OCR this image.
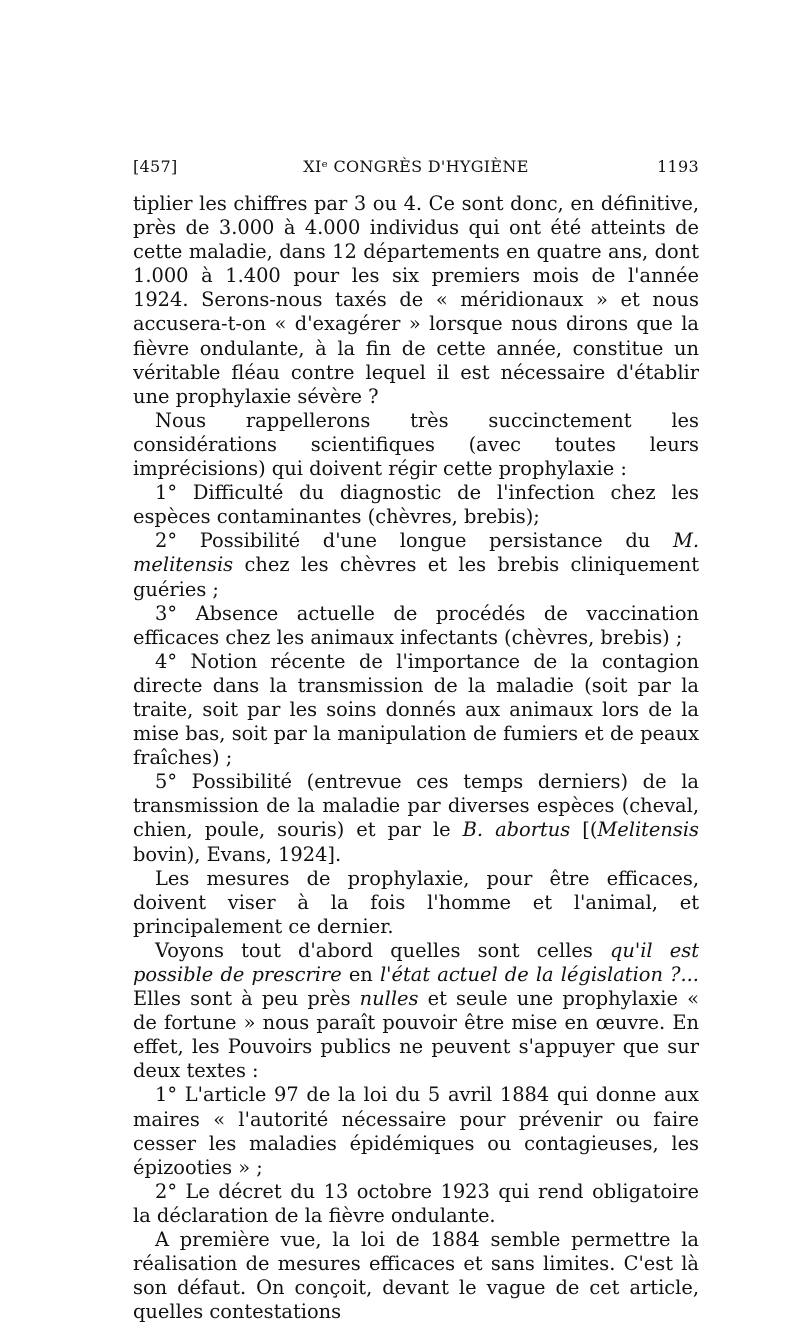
[457]	XIᵉ CONGRÈS D'HYGIÈNE	1193

tiplier les chiffres par 3 ou 4. Ce sont donc, en définitive, près de 3.000 à 4.000 individus qui ont été atteints de cette maladie, dans 12 départements en quatre ans, dont 1.000 à 1.400 pour les six premiers mois de l'année 1924. Serons-nous taxés de « méridionaux » et nous accusera-t-on « d'exagérer » lorsque nous dirons que la fièvre ondulante, à la fin de cette année, constitue un véritable fléau contre lequel il est nécessaire d'établir une prophylaxie sévère ?

Nous rappellerons très succinctement les considérations scientifiques (avec toutes leurs imprécisions) qui doivent régir cette prophylaxie :

1° Difficulté du diagnostic de l'infection chez les espèces contaminantes (chèvres, brebis);

2° Possibilité d'une longue persistance du M. melitensis chez les chèvres et les brebis cliniquement guéries ;

3° Absence actuelle de procédés de vaccination efficaces chez les animaux infectants (chèvres, brebis) ;

4° Notion récente de l'importance de la contagion directe dans la transmission de la maladie (soit par la traite, soit par les soins donnés aux animaux lors de la mise bas, soit par la manipulation de fumiers et de peaux fraîches) ;

5° Possibilité (entrevue ces temps derniers) de la transmission de la maladie par diverses espèces (cheval, chien, poule, souris) et par le B. abortus [(Melitensis bovin), Evans, 1924].

Les mesures de prophylaxie, pour être efficaces, doivent viser à la fois l'homme et l'animal, et principalement ce dernier.

Voyons tout d'abord quelles sont celles qu'il est possible de prescrire en l'état actuel de la législation ?... Elles sont à peu près nulles et seule une prophylaxie « de fortune » nous paraît pouvoir être mise en œuvre. En effet, les Pouvoirs publics ne peuvent s'appuyer que sur deux textes :

1° L'article 97 de la loi du 5 avril 1884 qui donne aux maires « l'autorité nécessaire pour prévenir ou faire cesser les maladies épidémiques ou contagieuses, les épizooties » ;

2° Le décret du 13 octobre 1923 qui rend obligatoire la déclaration de la fièvre ondulante.

A première vue, la loi de 1884 semble permettre la réalisation de mesures efficaces et sans limites. C'est là son défaut. On conçoit, devant le vague de cet article, quelles contestations
